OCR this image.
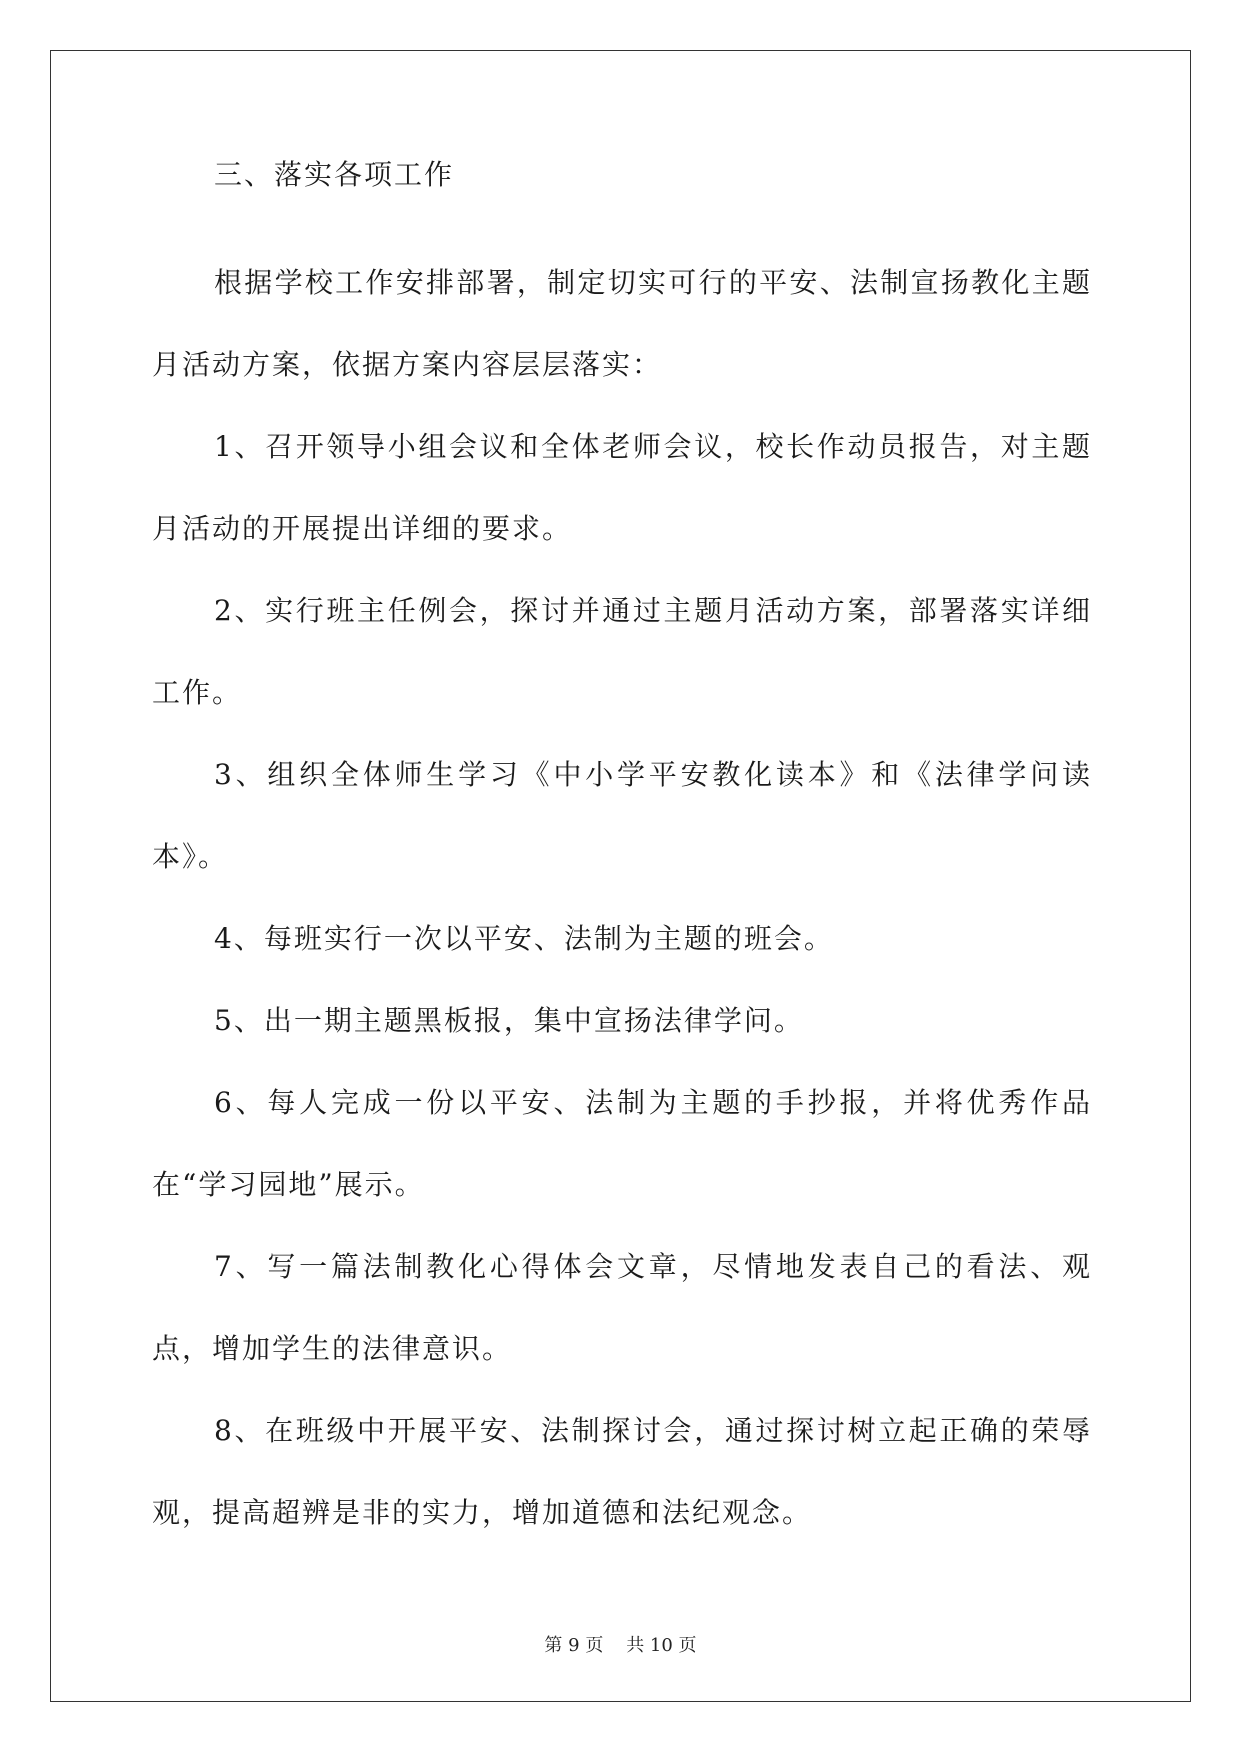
三、落实各项工作

根据学校工作安排部署，制定切实可行的平安、法制宣扬教化主题月活动方案，依据方案内容层层落实：

1、召开领导小组会议和全体老师会议，校长作动员报告，对主题月活动的开展提出详细的要求。

2、实行班主任例会，探讨并通过主题月活动方案，部署落实详细工作。

3、组织全体师生学习《中小学平安教化读本》和《法律学问读本》。

4、每班实行一次以平安、法制为主题的班会。

5、出一期主题黑板报，集中宣扬法律学问。

6、每人完成一份以平安、法制为主题的手抄报，并将优秀作品在“学习园地”展示。

7、写一篇法制教化心得体会文章，尽情地发表自己的看法、观点，增加学生的法律意识。

8、在班级中开展平安、法制探讨会，通过探讨树立起正确的荣辱观，提高超辨是非的实力，增加道德和法纪观念。

第 9 页    共 10 页
